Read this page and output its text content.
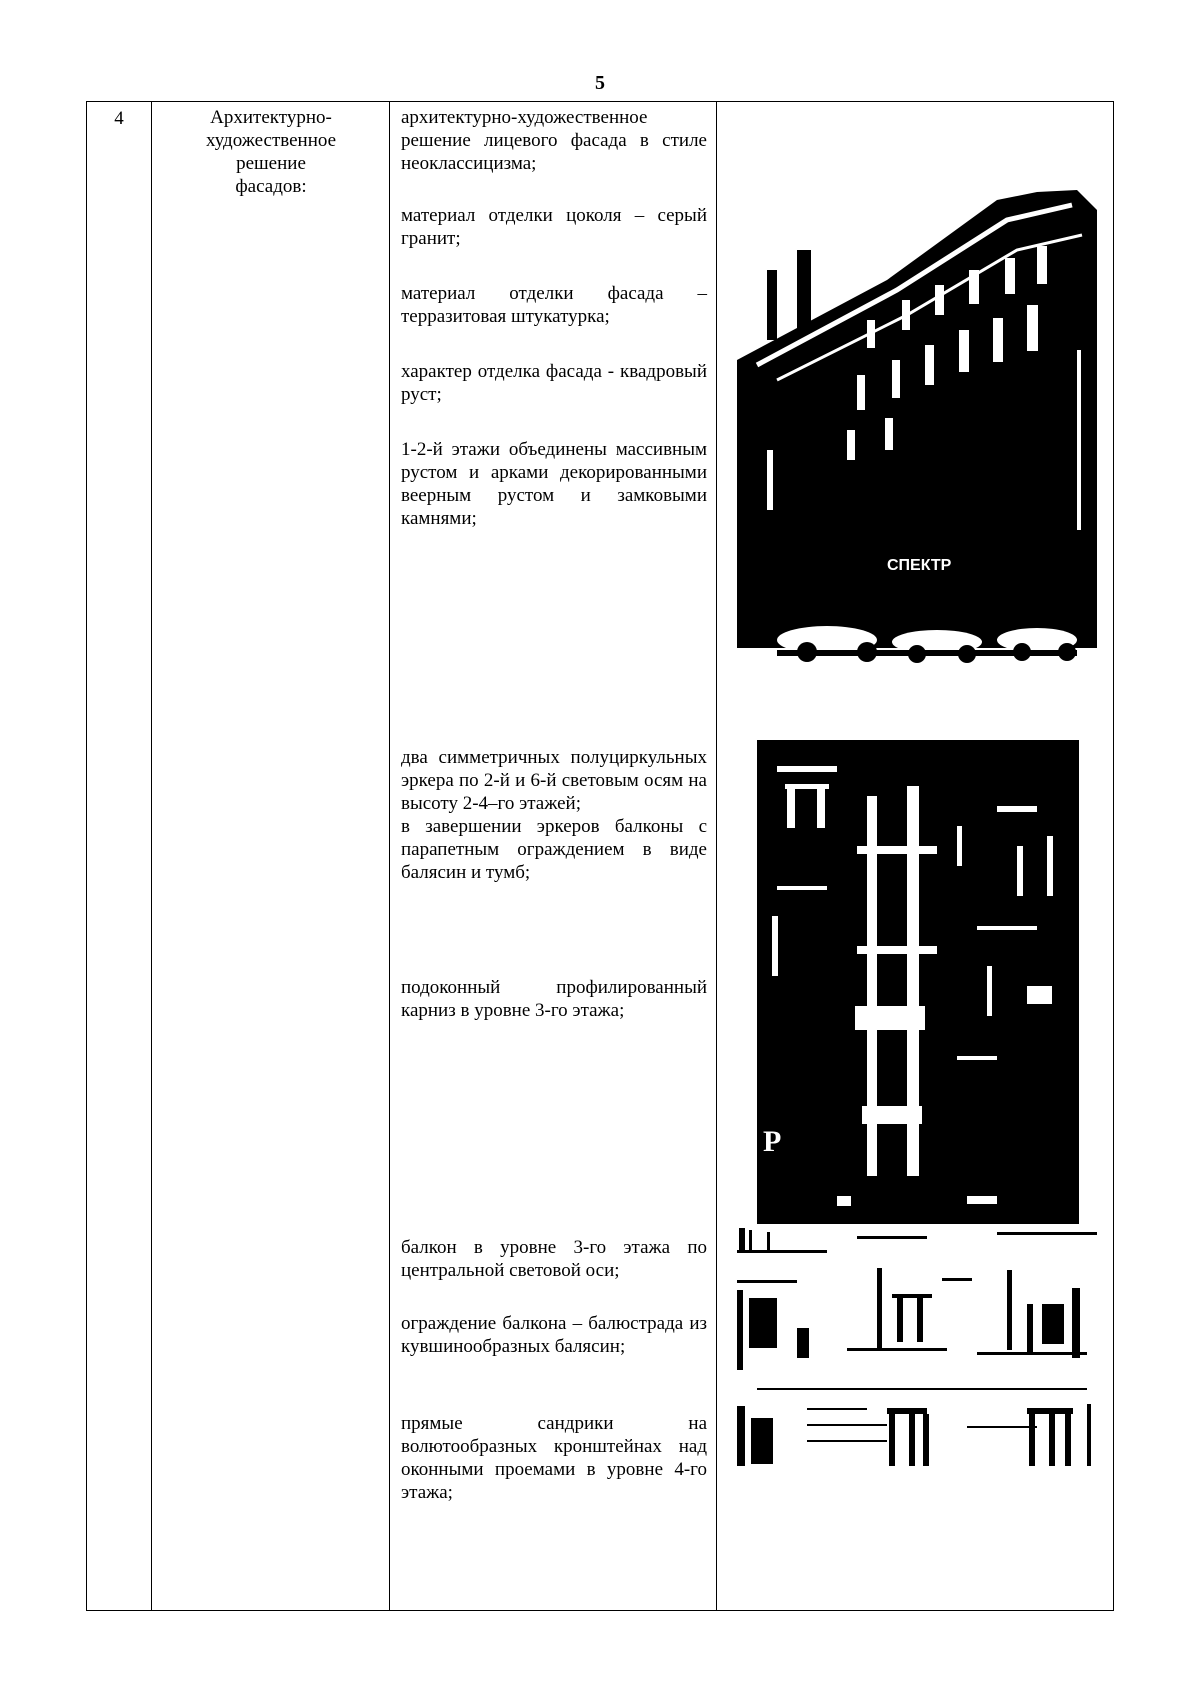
5
4	Архитектурно-
художественное
решение
фасадов:
архитектурно-художественное решение лицевого фасада в стиле неоклассицизма;
материал отделки цоколя – серый гранит;
материал отделки фасада – терразитовая штукатурка;
характер отделка фасада - квадровый руст;
1-2-й этажи объединены массивным рустом и арками декорированными веерным рустом и замковыми камнями;
два симметричных полуциркульных эркера по 2-й и 6-й световым осям на высоту 2-4–го этажей;
в завершении эркеров балконы с парапетным ограждением в виде балясин и тумб;
подоконный профилированный карниз в уровне 3-го этажа;
балкон в уровне 3-го этажа по центральной световой оси;
ограждение балкона – балюстрада из кувшинообразных балясин;
прямые сандрики на волютообразных кронштейнах над оконными проемами в уровне 4-го этажа;
СПЕКТР
Р
